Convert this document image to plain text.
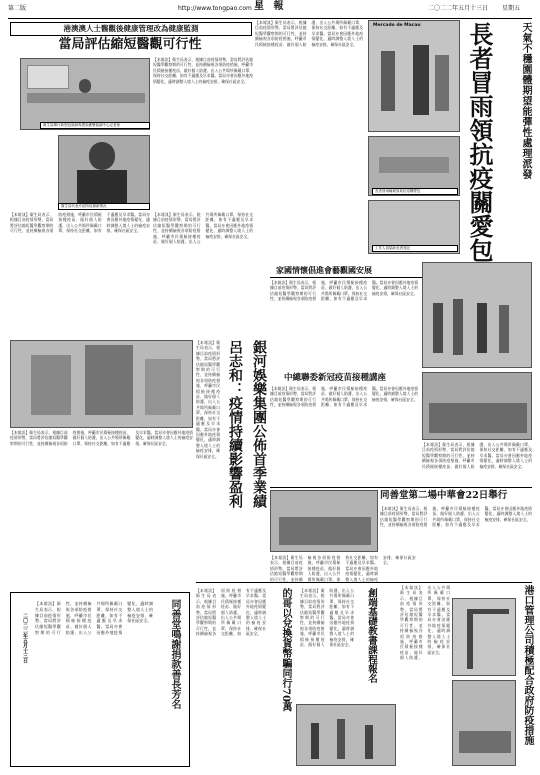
第二版	http://www.tongpao.com 星 報	二〇二二年五月十三日 星期五
港澳澳人士醫觀後健康管理改為健康監測
當局評估縮短醫觀可行性
衛生局舉行新型冠狀病毒感染應變協調中心記者會
衛生局代表介紹防疫最新情況
【本報訊】衛生局表示，根據目前疫情形勢，當局將評估縮短醫學觀察期的可行性，並持續檢視各項防疫措施，呼籲市民積極接種疫苗、做好個人防護，出入公共場所佩戴口罩，保持社交距離，如有不適應及早求醫。當局亦會因應外地疫情變化，適時調整入境人士的檢疫安排，確保社區安全。
【本報訊】衛生局表示，根據目前疫情形勢，當局將評估縮短醫學觀察期的可行性，並持續檢視各項防疫措施，呼籲市民積極接種疫苗、做好個人防護，出入公共場所佩戴口罩，保持社交距離，如有不適應及早求醫。當局亦會因應外地疫情變化，適時調整入境人士的檢疫安排，確保社區安全。
【本報訊】衛生局表示，根據目前疫情形勢，當局將評估縮短醫學觀察期的可行性，並持續檢視各項防疫措施，呼籲市民積極接種疫苗、做好個人防護，出入公共場所佩戴口罩，保持社交距離，如有不適應及早求醫。當局亦會因應外地疫情變化，適時調整入境人士的檢疫安排，確保社區安全。
【本報訊】衛生局表示，根據目前疫情形勢，當局將評估縮短醫學觀察期的可行性，並持續檢視各項防疫措施，呼籲市民積極接種疫苗、做好個人防護，出入公共場所佩戴口罩，保持社交距離，如有不適應及早求醫。當局亦會因應外地疫情變化，適時調整入境人士的檢疫安排，確保社區安全。	天氣不穩園體期望能彈性處理派發
長者冒雨領抗疫關愛包
Mercado de Macau
長者冒雨輪候領取抗疫關愛包
工作人員協助長者登記
家國情懷倡進會藝觀國安展
【本報訊】衛生局表示，根據目前疫情形勢，當局將評估縮短醫學觀察期的可行性，並持續檢視各項防疫措施，呼籲市民積極接種疫苗、做好個人防護，出入公共場所佩戴口罩，保持社交距離，如有不適應及早求醫。當局亦會因應外地疫情變化，適時調整入境人士的檢疫安排，確保社區安全。
【本報訊】衛生局表示，根據目前疫情形勢，當局將評估縮短醫學觀察期的可行性，並持續檢視各項防疫措施，呼籲市民積極接種疫苗、做好個人防護，出入公共場所佩戴口罩，保持社交距離，如有不適應及早求醫。當局亦會因應外地疫情變化，適時調整入境人士的檢疫安排，確保社區安全。	銀河娛樂集團公佈首季業績
呂志和：疫情持續影響盈利
【本報訊】衛生局表示，根據目前疫情形勢，當局將評估縮短醫學觀察期的可行性，並持續檢視各項防疫措施，呼籲市民積極接種疫苗、做好個人防護，出入公共場所佩戴口罩，保持社交距離，如有不適應及早求醫。當局亦會因應外地疫情變化，適時調整入境人士的檢疫安排，確保社區安全。
中總聯委新冠疫苗接種講座
【本報訊】衛生局表示，根據目前疫情形勢，當局將評估縮短醫學觀察期的可行性，並持續檢視各項防疫措施，呼籲市民積極接種疫苗、做好個人防護，出入公共場所佩戴口罩，保持社交距離，如有不適應及早求醫。當局亦會因應外地疫情變化，適時調整入境人士的檢疫安排，確保社區安全。
【本報訊】衛生局表示，根據目前疫情形勢，當局將評估縮短醫學觀察期的可行性，並持續檢視各項防疫措施，呼籲市民積極接種疫苗、做好個人防護，出入公共場所佩戴口罩，保持社交距離，如有不適應及早求醫。當局亦會因應外地疫情變化，適時調整入境人士的檢疫安排，確保社區安全。
同善堂第二場中華會22日舉行
【本報訊】衛生局表示，根據目前疫情形勢，當局將評估縮短醫學觀察期的可行性，並持續檢視各項防疫措施，呼籲市民積極接種疫苗、做好個人防護，出入公共場所佩戴口罩，保持社交距離，如有不適應及早求醫。當局亦會因應外地疫情變化，適時調整入境人士的檢疫安排，確保社區安全。
【本報訊】衛生局表示，根據目前疫情形勢，當局將評估縮短醫學觀察期的可行性，並持續檢視各項防疫措施，呼籲市民積極接種疫苗、做好個人防護，出入公共場所佩戴口罩，保持社交距離，如有不適應及早求醫。當局亦會因應外地疫情變化，適時調整入境人士的檢疫安排，確保社區安全。
港口管理公司積極配合政府防疫措施
【本報訊】衛生局表示，根據目前疫情形勢，當局將評估縮短醫學觀察期的可行性，並持續檢視各項防疫措施，呼籲市民積極接種疫苗、做好個人防護，出入公共場所佩戴口罩，保持社交距離，如有不適應及早求醫。當局亦會因應外地疫情變化，適時調整入境人士的檢疫安排，確保社區安全。
創端基礎教書課程報名
【本報訊】衛生局表示，根據目前疫情形勢，當局將評估縮短醫學觀察期的可行性，並持續檢視各項防疫措施，呼籲市民積極接種疫苗、做好個人防護，出入公共場所佩戴口罩，保持社交距離，如有不適應及早求醫。當局亦會因應外地疫情變化，適時調整入境人士的檢疫安排，確保社區安全。
的哥以兌換貨幣騙同行70萬
【本報訊】衛生局表示，根據目前疫情形勢，當局將評估縮短醫學觀察期的可行性，並持續檢視各項防疫措施，呼籲市民積極接種疫苗、做好個人防護，出入公共場所佩戴口罩，保持社交距離，如有不適應及早求醫。當局亦會因應外地疫情變化，適時調整入境人士的檢疫安排，確保社區安全。
同善堂鳴謝捐款善長芳名
【本報訊】衛生局表示，根據目前疫情形勢，當局將評估縮短醫學觀察期的可行性，並持續檢視各項防疫措施，呼籲市民積極接種疫苗、做好個人防護，出入公共場所佩戴口罩，保持社交距離，如有不適應及早求醫。當局亦會因應外地疫情變化，適時調整入境人士的檢疫安排，確保社區安全。
二〇二二年五月十三日
